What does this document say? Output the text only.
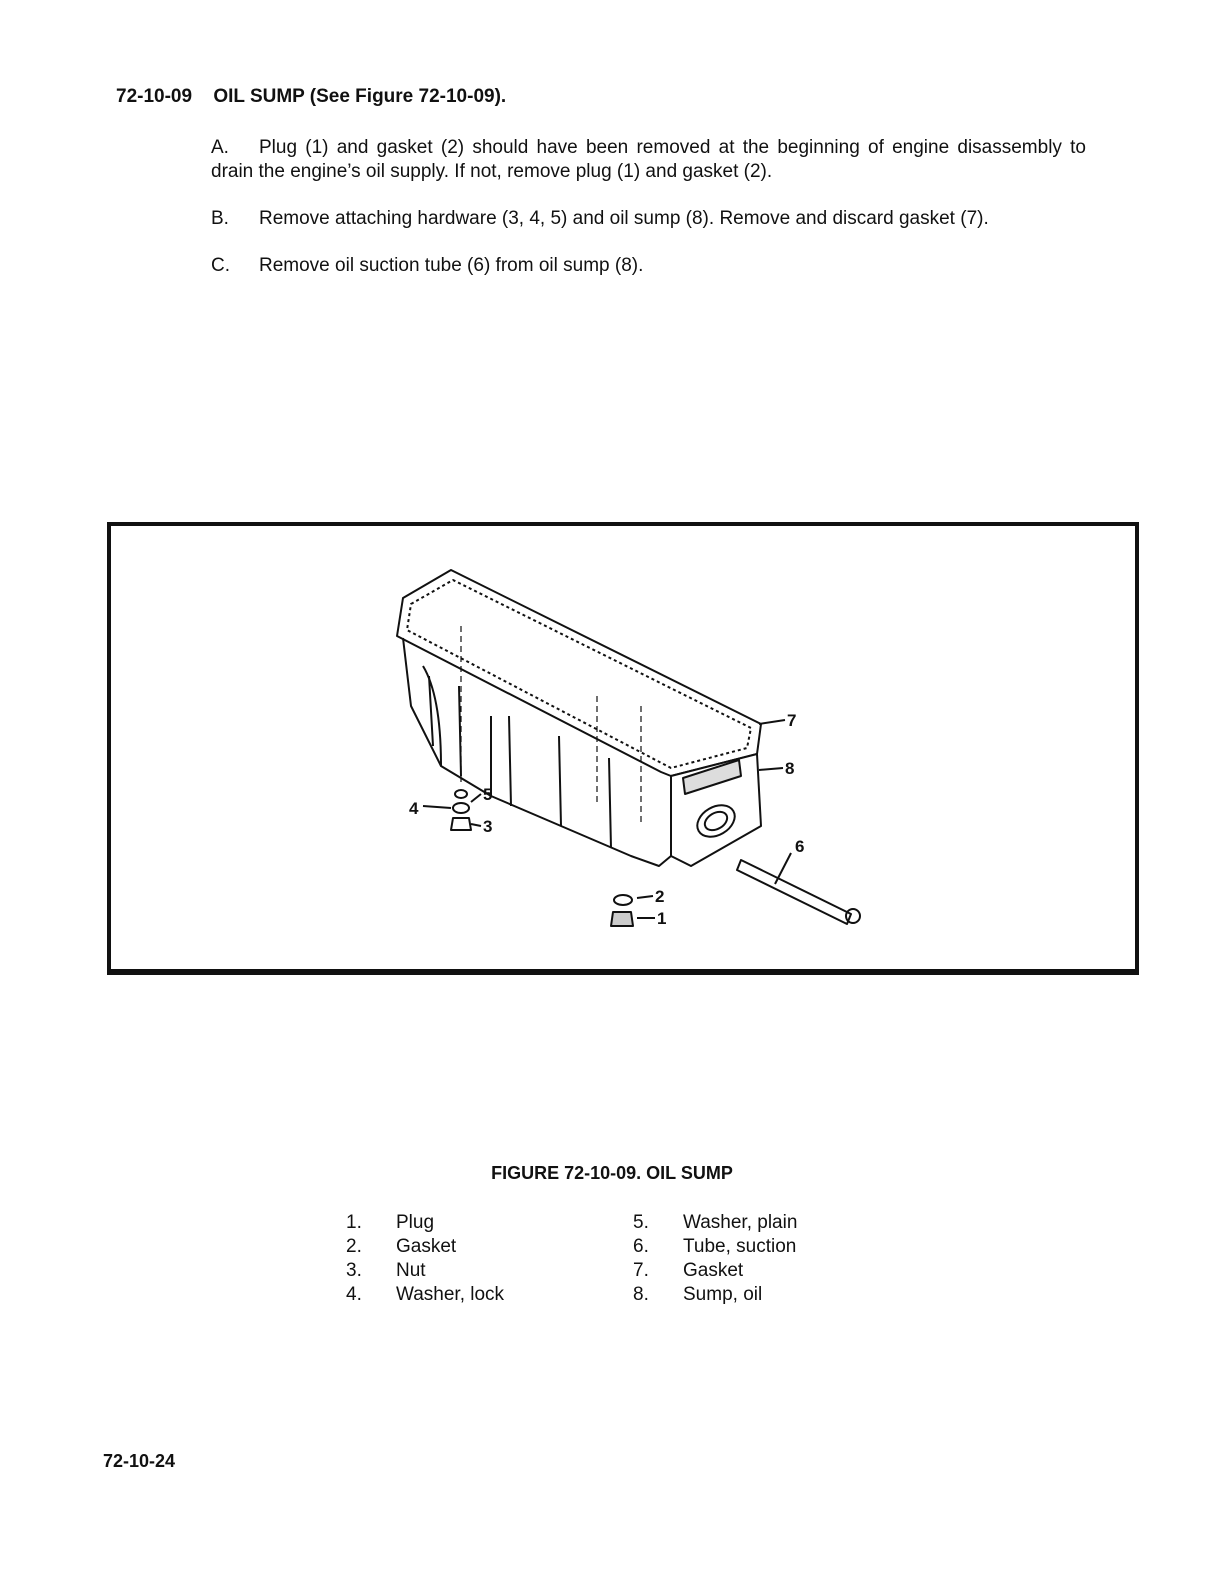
72-10-09 OIL SUMP (See Figure 72-10-09).
A. Plug (1) and gasket (2) should have been removed at the beginning of engine disassembly to drain the engine’s oil supply. If not, remove plug (1) and gasket (2).
B. Remove attaching hardware (3, 4, 5) and oil sump (8). Remove and discard gasket (7).
C. Remove oil suction tube (6) from oil sump (8).
7
8
6
5
4
3
2
1
FIGURE 72-10-09. OIL SUMP
1.	Plug
2.	Gasket
3.	Nut
4.	Washer, lock
5.	Washer, plain
6.	Tube, suction
7.	Gasket
8.	Sump, oil
72-10-24
